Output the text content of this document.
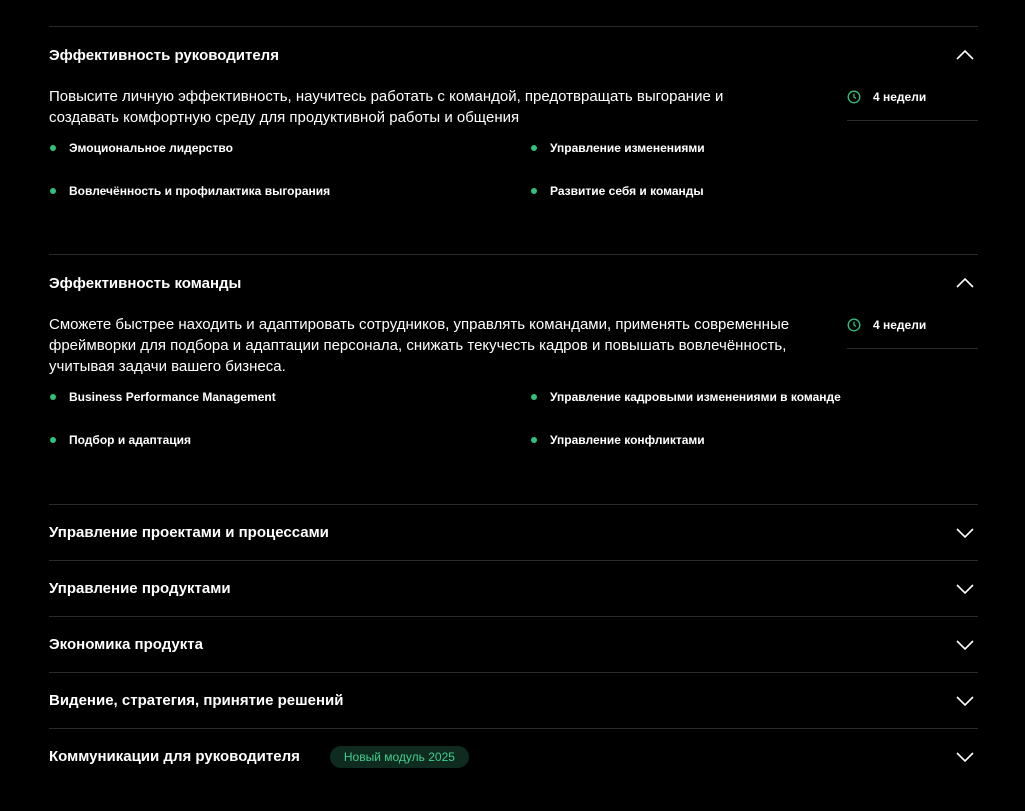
Эффективность руководителя
Повысите личную эффективность, научитесь работать с командой, предотвращать выгорание и создавать комфортную среду для продуктивной работы и общения
4 недели
Эмоциональное лидерство	Управление изменениями
Вовлечённость и профилактика выгорания	Развитие себя и команды
Эффективность команды
Сможете быстрее находить и адаптировать сотрудников, управлять командами, применять современные фреймворки для подбора и адаптации персонала, снижать текучесть кадров и повышать вовлечённость, учитывая задачи вашего бизнеса.
4 недели
Business Performance Management	Управление кадровыми изменениями в команде
Подбор и адаптация	Управление конфликтами
Управление проектами и процессами
Управление продуктами
Экономика продукта
Видение, стратегия, принятие решений
Коммуникации для руководителя	Новый модуль 2025
